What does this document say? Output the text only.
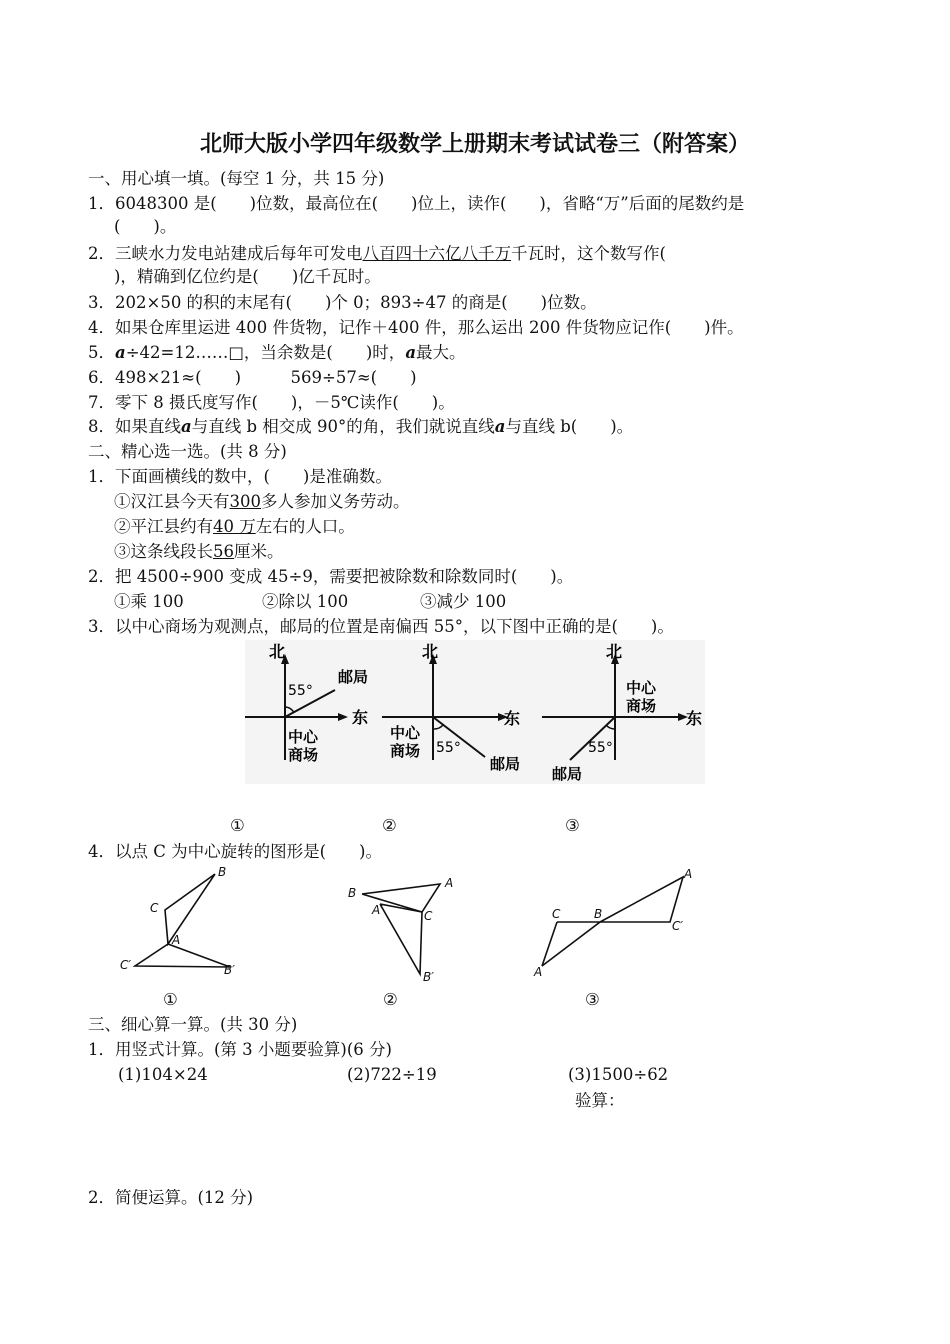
北师大版小学四年级数学上册期末考试试卷三（附答案）
一、用心填一填。(每空 1 分，共 15 分)
1．6048300 是(　　)位数，最高位在(　　)位上，读作(　　)，省略“万”后面的尾数约是
(　　)。
2．三峡水力发电站建成后每年可发电八百四十六亿八千万千瓦时，这个数写作(
)，精确到亿位约是(　　)亿千瓦时。
3．202×50 的积的末尾有(　　)个 0；893÷47 的商是(　　)位数。
4．如果仓库里运进 400 件货物，记作＋400 件，那么运出 200 件货物应记作(　　)件。
5．a÷42=12……□，当余数是(　　)时，a最大。
6．498×21≈(　　)　　　569÷57≈(　　)
7．零下 8 摄氏度写作(　　)，－5℃读作(　　)。
8．如果直线a与直线 b 相交成 90°的角，我们就说直线a与直线 b(　　)。
二、精心选一选。(共 8 分)
1．下面画横线的数中，(　　)是准确数。
①汉江县今天有300多人参加义务劳动。
②平江县约有40 万左右的人口。
③这条线段长56厘米。
2．把 4500÷900 变成 45÷9，需要把被除数和除数同时(　　)。
①乘 100	②除以 100	③减少 100
3．以中心商场为观测点，邮局的位置是南偏西 55°，以下图中正确的是(　　)。
北
东
55°
邮局
中心
商场
北
东
55°
邮局
中心
商场
北
东
55°
邮局
中心
商场
①	②	③
4．以点 C 为中心旋转的图形是(　　)。
B
C
A
C′	B′
B
A
A′	C
B′
C	B
A
C′
A
①	②	③
三、细心算一算。(共 30 分)
1．用竖式计算。(第 3 小题要验算)(6 分)
(1)104×24	(2)722÷19	(3)1500÷62
验算：
2．简便运算。(12 分)
